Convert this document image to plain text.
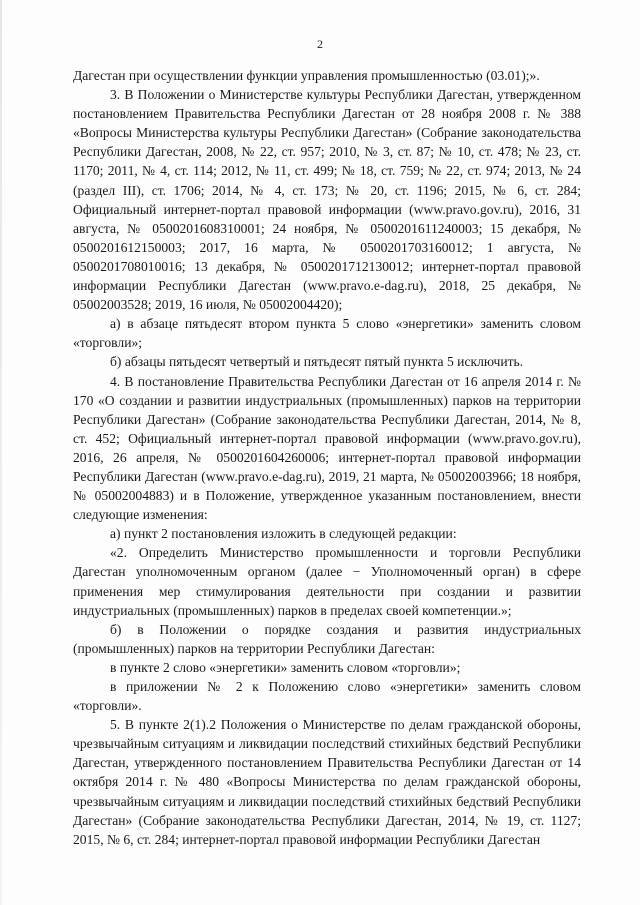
2

Дагестан при осуществлении функции управления промышленностью (03.01);».

3. В Положении о Министерстве культуры Республики Дагестан, утвержденном постановлением Правительства Республики Дагестан от 28 ноября 2008 г. № 388 «Вопросы Министерства культуры Республики Дагестан» (Собрание законодательства Республики Дагестан, 2008, № 22, ст. 957; 2010, № 3, ст. 87; № 10, ст. 478; № 23, ст. 1170; 2011, № 4, ст. 114; 2012, № 11, ст. 499; № 18, ст. 759; № 22, ст. 974; 2013, № 24 (раздел III), ст. 1706; 2014, № 4, ст. 173; № 20, ст. 1196; 2015, № 6, ст. 284; Официальный интернет-портал правовой информации (www.pravo.gov.ru), 2016, 31 августа, № 0500201608310001; 24 ноября, № 0500201611240003; 15 декабря, № 0500201612150003; 2017, 16 марта, № 0500201703160012; 1 августа, № 0500201708010016; 13 декабря, № 0500201712130012; интернет-портал правовой информации Республики Дагестан (www.pravo.e-dag.ru), 2018, 25 декабря, № 05002003528; 2019, 16 июля, № 05002004420);

а) в абзаце пятьдесят втором пункта 5 слово «энергетики» заменить словом «торговли»;

б) абзацы пятьдесят четвертый и пятьдесят пятый пункта 5 исключить.

4. В постановление Правительства Республики Дагестан от 16 апреля 2014 г. № 170 «О создании и развитии индустриальных (промышленных) парков на территории Республики Дагестан» (Собрание законодательства Республики Дагестан, 2014, № 8, ст. 452; Официальный интернет-портал правовой информации (www.pravo.gov.ru), 2016, 26 апреля, № 0500201604260006; интернет-портал правовой информации Республики Дагестан (www.pravo.e-dag.ru), 2019, 21 марта, № 05002003966; 18 ноября, № 05002004883) и в Положение, утвержденное указанным постановлением, внести следующие изменения:

а) пункт 2 постановления изложить в следующей редакции:

«2. Определить Министерство промышленности и торговли Республики Дагестан уполномоченным органом (далее − Уполномоченный орган) в сфере применения мер стимулирования деятельности при создании и развитии индустриальных (промышленных) парков в пределах своей компетенции.»;

б) в Положении о порядке создания и развития индустриальных (промышленных) парков на территории Республики Дагестан:

в пункте 2 слово «энергетики» заменить словом «торговли»;

в приложении № 2 к Положению слово «энергетики» заменить словом «торговли».

5. В пункте 2(1).2 Положения о Министерстве по делам гражданской обороны, чрезвычайным ситуациям и ликвидации последствий стихийных бедствий Республики Дагестан, утвержденного постановлением Правительства Республики Дагестан от 14 октября 2014 г. № 480 «Вопросы Министерства по делам гражданской обороны, чрезвычайным ситуациям и ликвидации последствий стихийных бедствий Республики Дагестан» (Собрание законодательства Республики Дагестан, 2014, № 19, ст. 1127; 2015, № 6, ст. 284; интернет-портал правовой информации Республики Дагестан
